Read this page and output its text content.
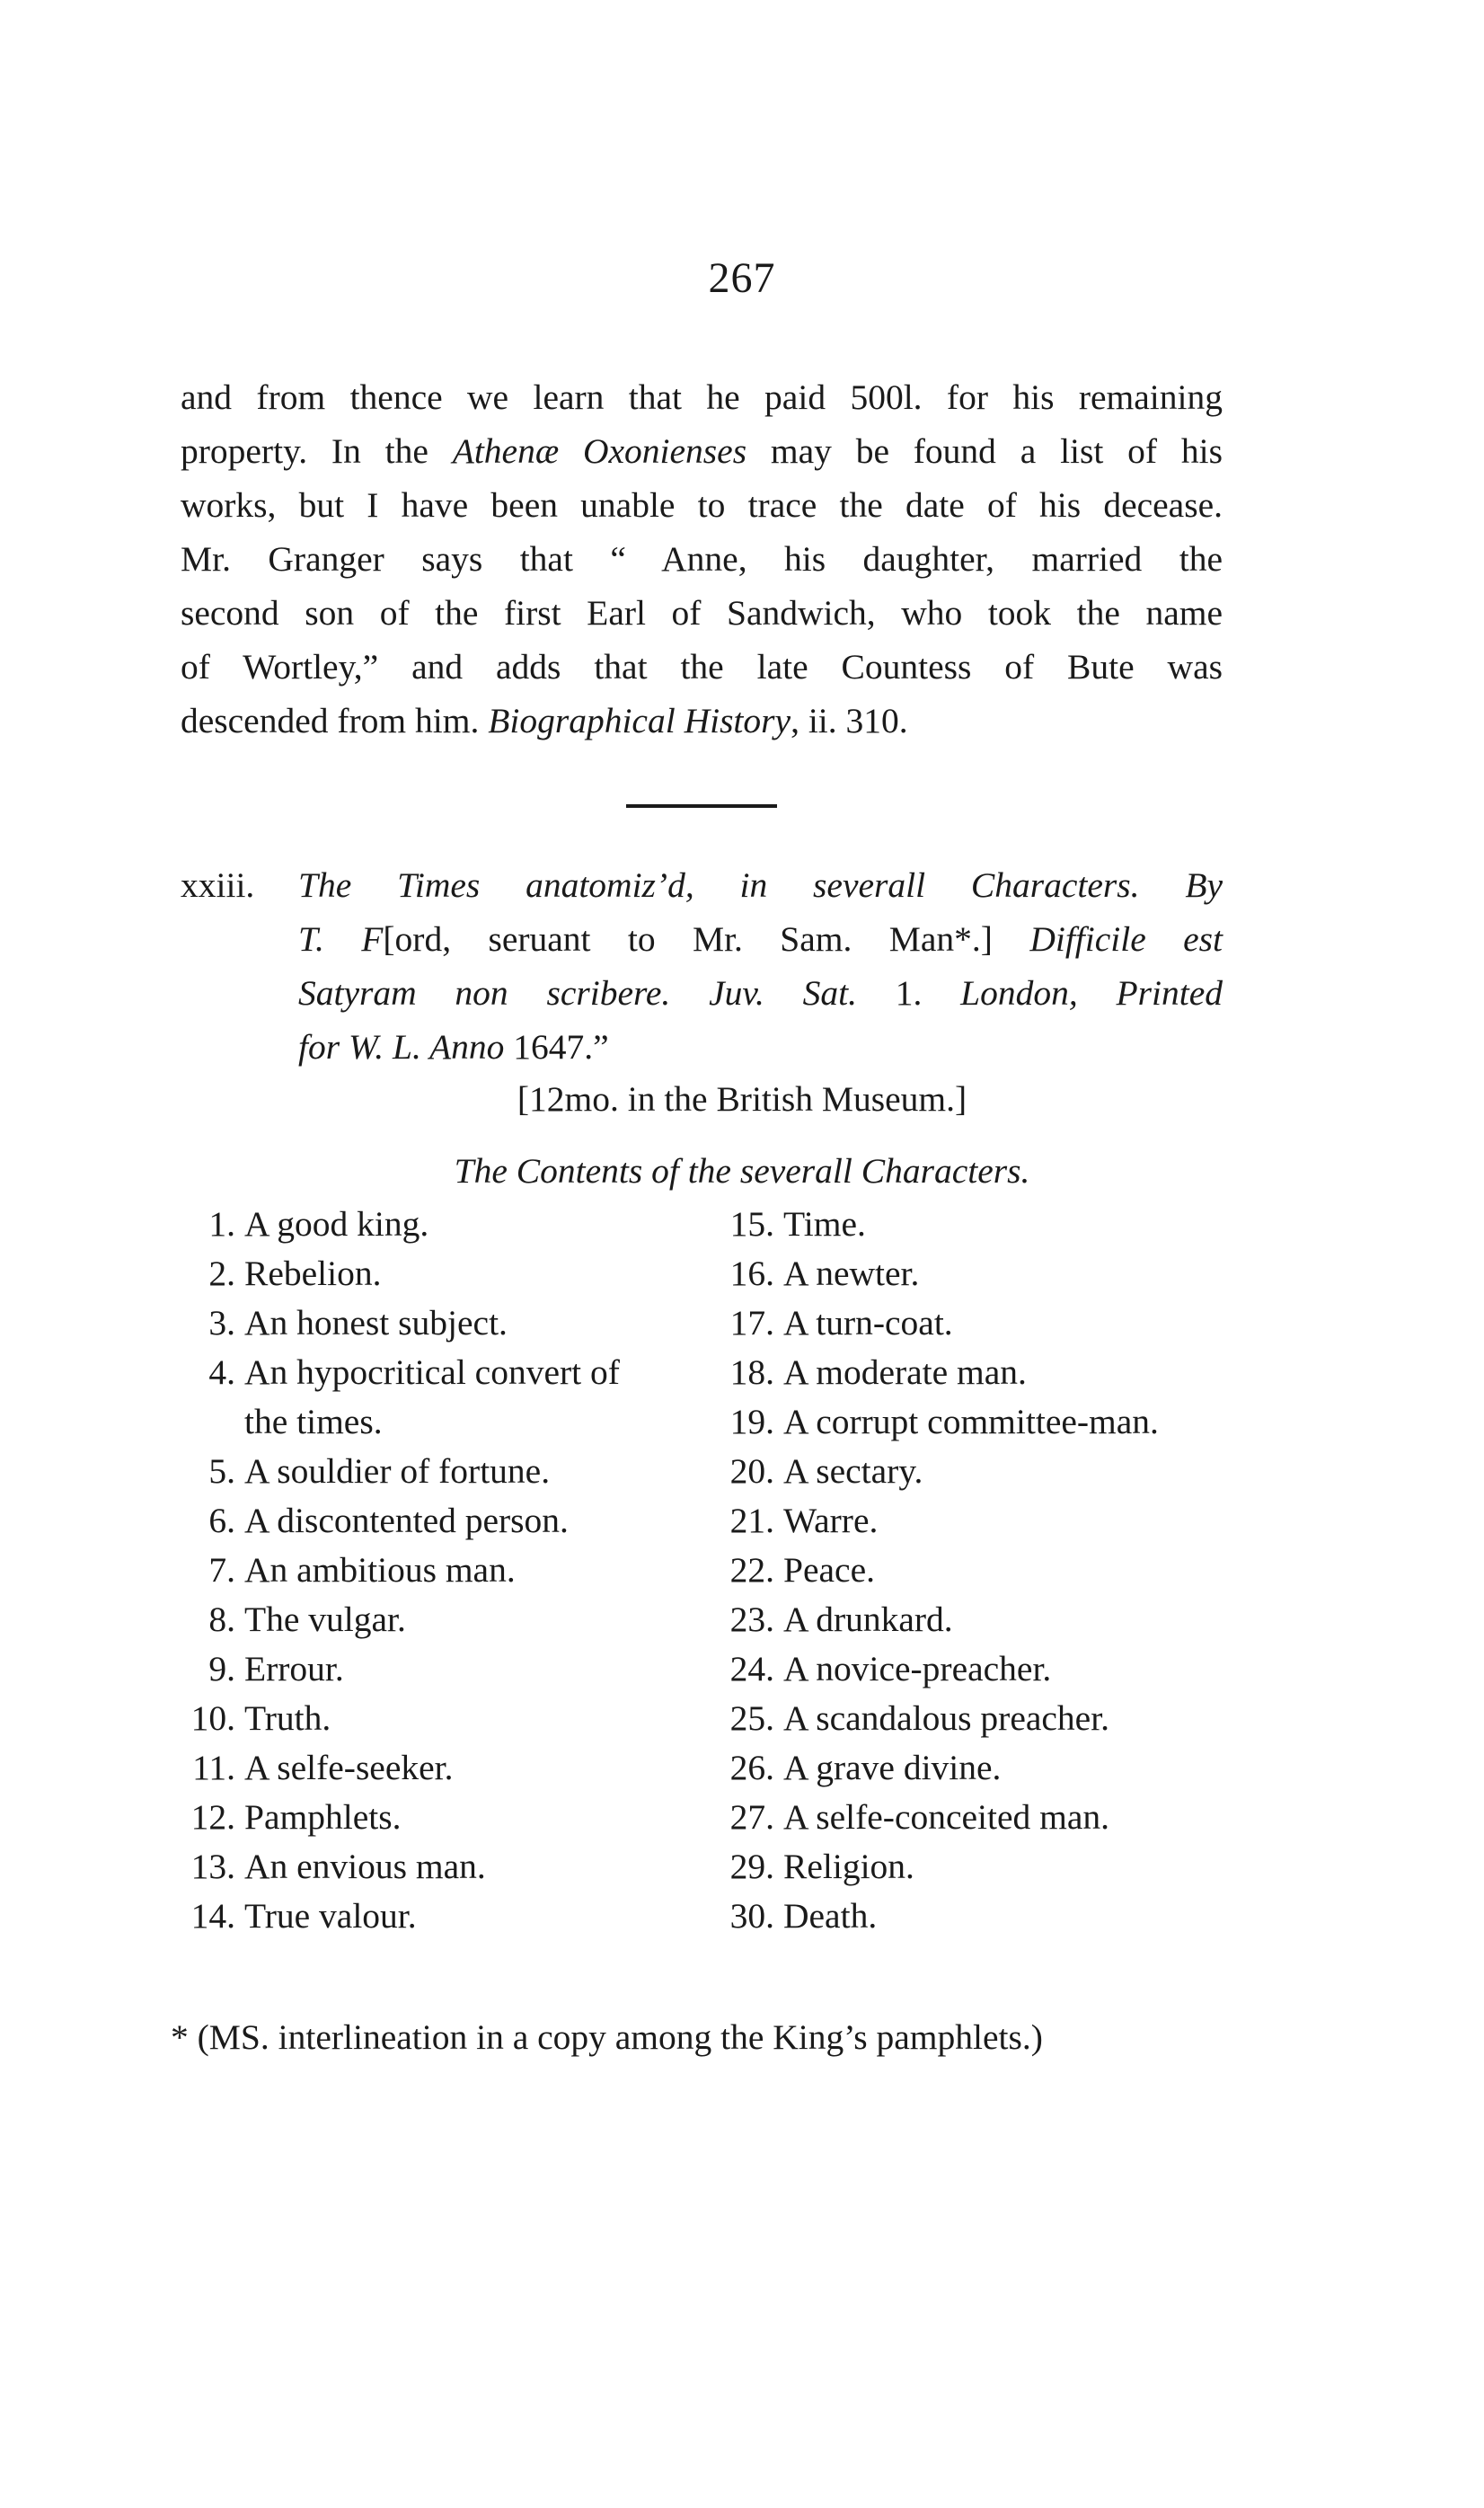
267
and from thence we learn that he paid 500l. for his remaining
property. In the Athenæ Oxonienses may be found a list of his
works, but I have been unable to trace the date of his decease.
Mr. Granger says that “ Anne, his daughter, married the
second son of the first Earl of Sandwich, who took the name
of Wortley,” and adds that the late Countess of Bute was
descended from him. Biographical History, ii. 310.
xxiii. The Times anatomiz’d, in severall Characters. By
T. F[ord, seruant to Mr. Sam. Man*.] Difficile est
Satyram non scribere. Juv. Sat. 1. London, Printed
for W. L. Anno 1647.”
[12mo. in the British Museum.]
The Contents of the severall Characters.
1. A good king.
2. Rebelion.
3. An honest subject.
4. An hypocritical convert of
the times.
5. A souldier of fortune.
6. A discontented person.
7. An ambitious man.
8. The vulgar.
9. Errour.
10. Truth.
11. A selfe-seeker.
12. Pamphlets.
13. An envious man.
14. True valour.
15. Time.
16. A newter.
17. A turn-coat.
18. A moderate man.
19. A corrupt committee-man.
20. A sectary.
21. Warre.
22. Peace.
23. A drunkard.
24. A novice-preacher.
25. A scandalous preacher.
26. A grave divine.
27. A selfe-conceited man.
29. Religion.
30. Death.
* (MS. interlineation in a copy among the King’s pamphlets.)
